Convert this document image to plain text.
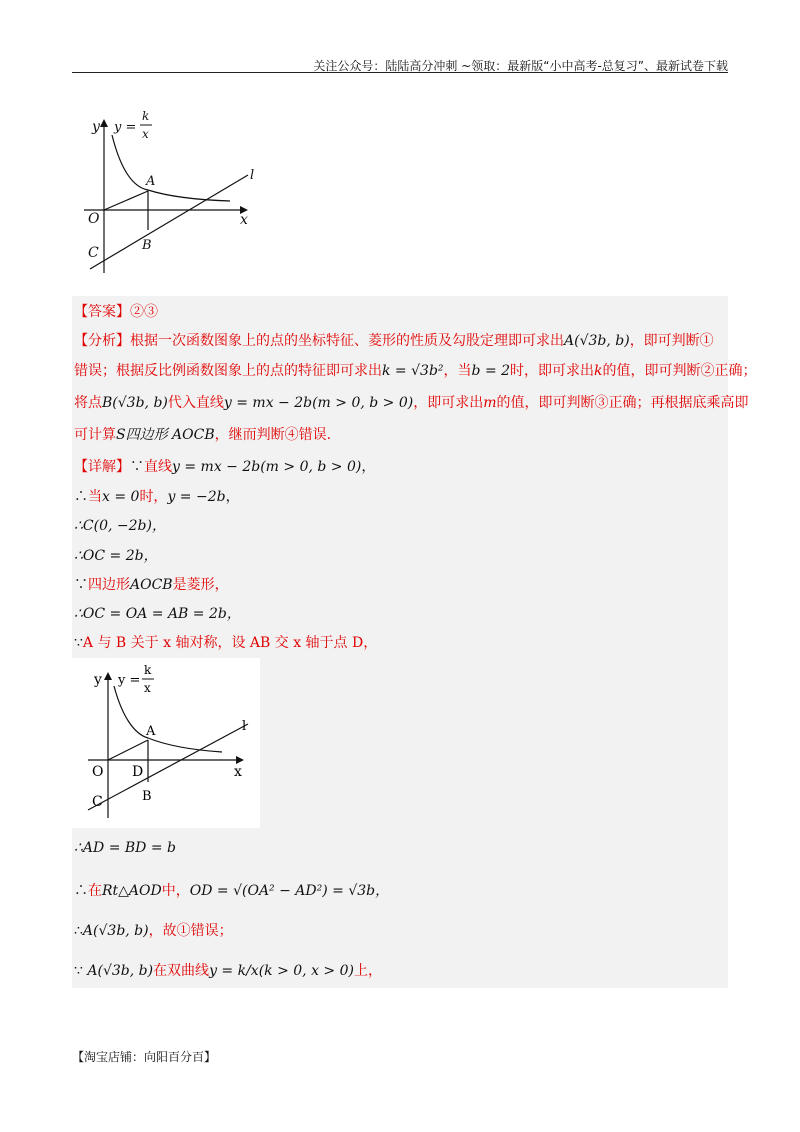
关注公众号：陆陆高分冲刺 ~领取：最新版“小中高考-总复习”、最新试卷下载
y y =
k
x
A	l
O	x
B
C
【答案】②③
【分析】根据一次函数图象上的点的坐标特征、菱形的性质及勾股定理即可求出A(√3b, b)，即可判断①
错误；根据反比例函数图象上的点的特征即可求出k = √3b²，当b = 2时，即可求出k的值，即可判断②正确；
将点B(√3b, b)代入直线y = mx − 2b(m > 0, b > 0)，即可求出m的值，即可判断③正确；再根据底乘高即
可计算S四边形 AOCB，继而判断④错误.
【详解】∵直线y = mx − 2b(m > 0, b > 0)，
∴当x = 0时，y = −2b，
∴C(0, −2b)，
∴OC = 2b，
∵四边形AOCB是菱形，
∴OC = OA = AB = 2b，
∵A 与 B 关于 x 轴对称，设 AB 交 x 轴于点 D，
y y =
k
x
A	l
O D	x
B
C
∴AD = BD = b
∴在Rt△AOD中，OD = √(OA² − AD²) = √3b，
∴A(√3b, b)，故①错误；
∵ A(√3b, b)在双曲线y = k/x(k > 0, x > 0)上，
【淘宝店铺：向阳百分百】
